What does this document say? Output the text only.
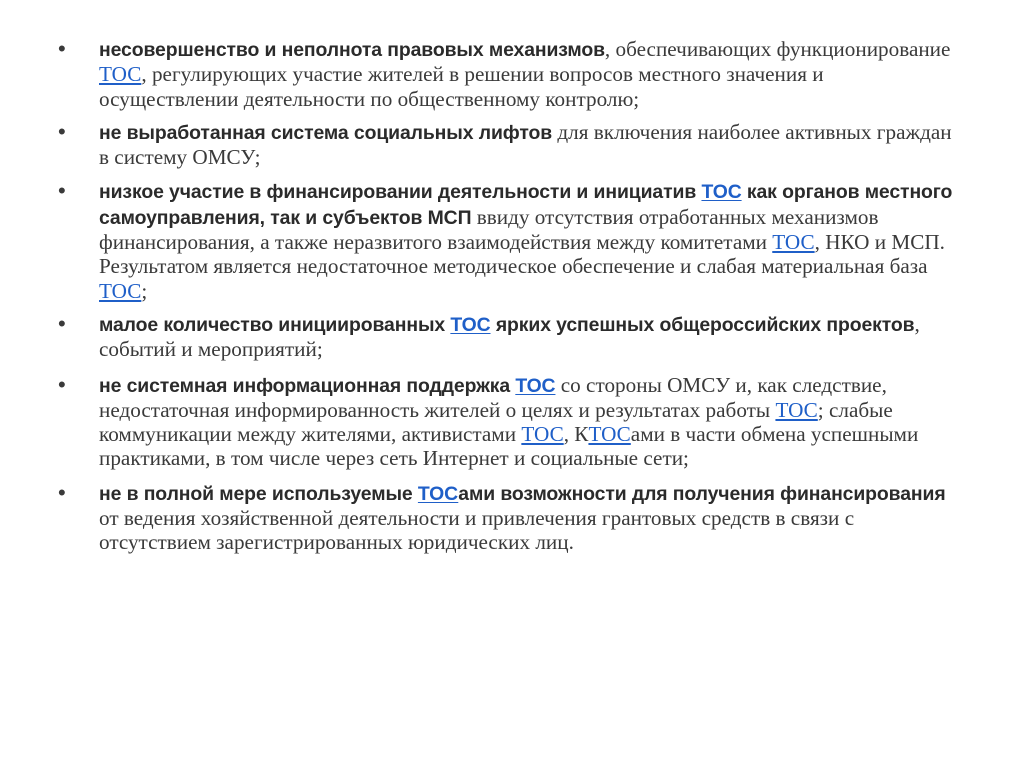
• несовершенство и неполнота правовых механизмов, обеспечивающих функционирование ТОС, регулирующих участие жителей в решении вопросов местного значения и осуществлении деятельности по общественному контролю;
• не выработанная система социальных лифтов для включения наиболее активных граждан в систему ОМСУ;
• низкое участие в финансировании деятельности и инициатив ТОС как органов местного самоуправления, так и субъектов МСП ввиду отсутствия отработанных механизмов финансирования, а также неразвитого взаимодействия между комитетами ТОС, НКО и МСП. Результатом является недостаточное методическое обеспечение и слабая материальная база ТОС;
• малое количество инициированных ТОС ярких успешных общероссийских проектов, событий и мероприятий;
• не системная информационная поддержка ТОС со стороны ОМСУ и, как следствие, недостаточная информированность жителей о целях и результатах работы ТОС; слабые коммуникации между жителями, активистами ТОС, КТОСами в части обмена успешными практиками, в том числе через сеть Интернет и социальные сети;
• не в полной мере используемые ТОСами возможности для получения финансирования от ведения хозяйственной деятельности и привлечения грантовых средств в связи с отсутствием зарегистрированных юридических лиц.
